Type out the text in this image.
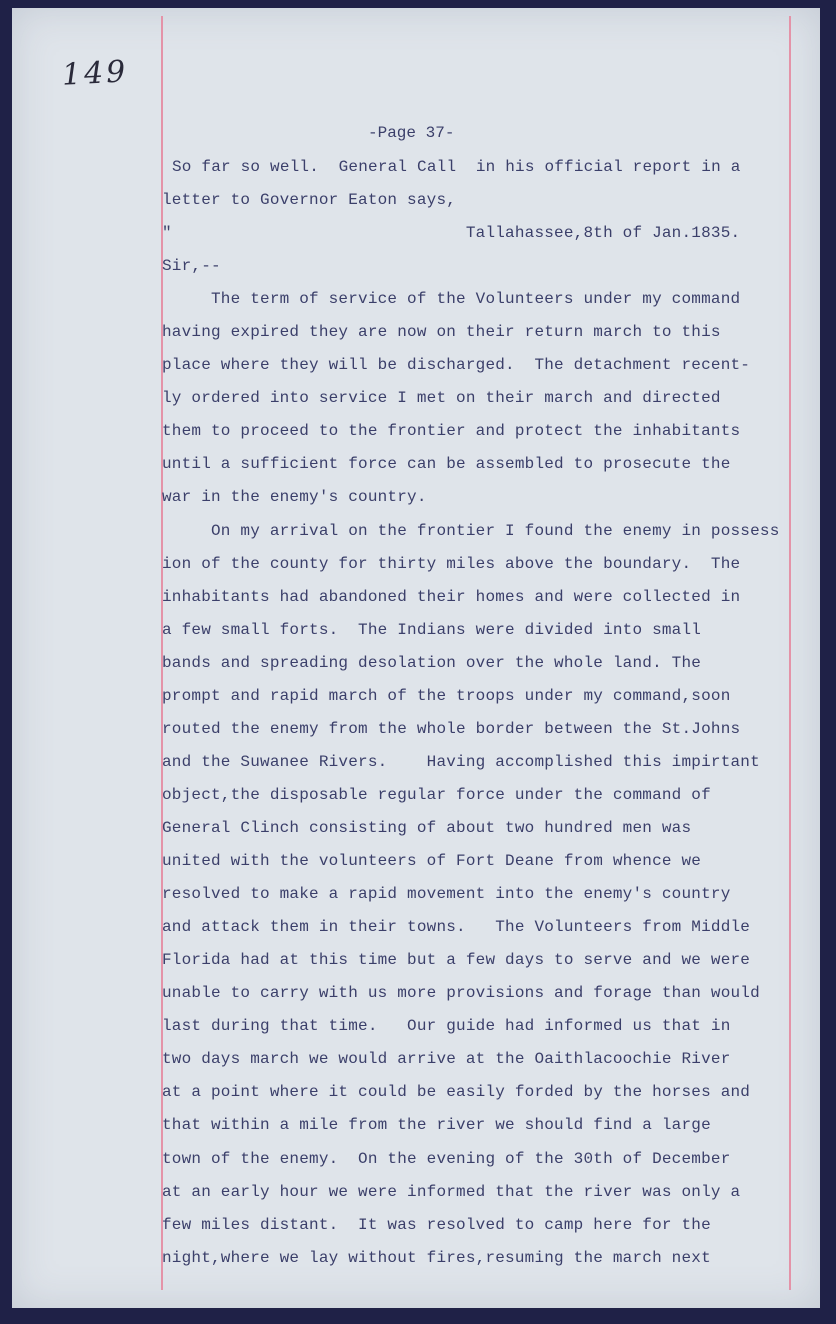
149
-Page 37-
So far so well.  General Call  in his official report in a
letter to Governor Eaton says,
"                              Tallahassee,8th of Jan.1835.
Sir,--
The term of service of the Volunteers under my command
having expired they are now on their return march to this
place where they will be discharged.  The detachment recent-
ly ordered into service I met on their march and directed
them to proceed to the frontier and protect the inhabitants
until a sufficient force can be assembled to prosecute the
war in the enemy's country.
On my arrival on the frontier I found the enemy in possess
ion of the county for thirty miles above the boundary.  The
inhabitants had abandoned their homes and were collected in
a few small forts.  The Indians were divided into small
bands and spreading desolation over the whole land. The
prompt and rapid march of the troops under my command,soon
routed the enemy from the whole border between the St.Johns
and the Suwanee Rivers.    Having accomplished this impirtant
object,the disposable regular force under the command of
General Clinch consisting of about two hundred men was
united with the volunteers of Fort Deane from whence we
resolved to make a rapid movement into the enemy's country
and attack them in their towns.   The Volunteers from Middle
Florida had at this time but a few days to serve and we were
unable to carry with us more provisions and forage than would
last during that time.   Our guide had informed us that in
two days march we would arrive at the Oaithlacoochie River
at a point where it could be easily forded by the horses and
that within a mile from the river we should find a large
town of the enemy.  On the evening of the 30th of December
at an early hour we were informed that the river was only a
few miles distant.  It was resolved to camp here for the
night,where we lay without fires,resuming the march next
